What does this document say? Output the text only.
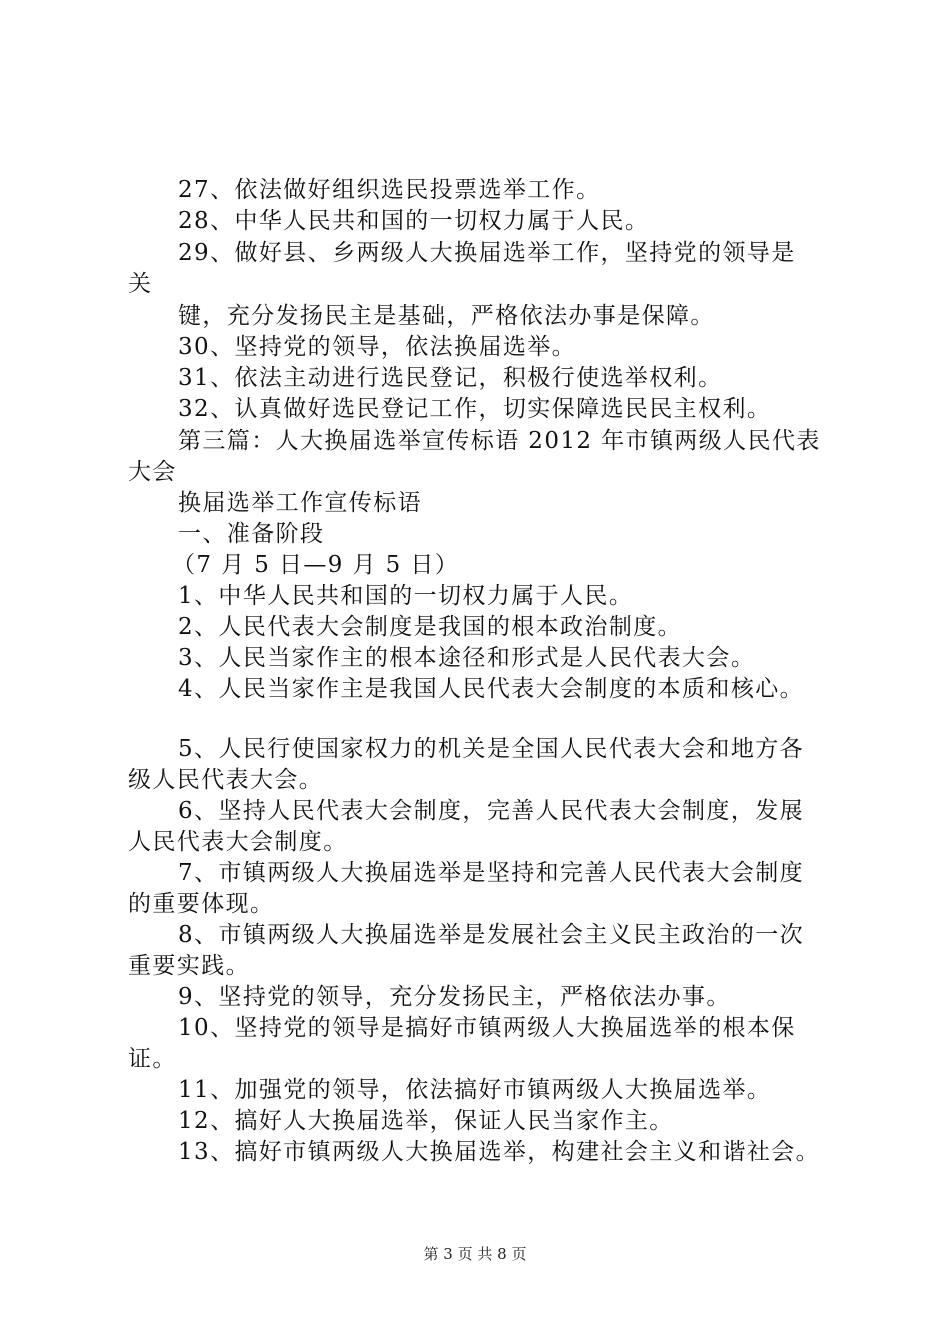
27、依法做好组织选民投票选举工作。
28、中华人民共和国的一切权力属于人民。
29、做好县、乡两级人大换届选举工作，坚持党的领导是
关
键，充分发扬民主是基础，严格依法办事是保障。
30、坚持党的领导，依法换届选举。
31、依法主动进行选民登记，积极行使选举权利。
32、认真做好选民登记工作，切实保障选民民主权利。
第三篇：人大换届选举宣传标语 2012 年市镇两级人民代表
大会
换届选举工作宣传标语
一、准备阶段
（7 月 5 日—9 月 5 日）
1、中华人民共和国的一切权力属于人民。
2、人民代表大会制度是我国的根本政治制度。
3、人民当家作主的根本途径和形式是人民代表大会。
4、人民当家作主是我国人民代表大会制度的本质和核心。
5、人民行使国家权力的机关是全国人民代表大会和地方各
级人民代表大会。
6、坚持人民代表大会制度，完善人民代表大会制度，发展
人民代表大会制度。
7、市镇两级人大换届选举是坚持和完善人民代表大会制度
的重要体现。
8、市镇两级人大换届选举是发展社会主义民主政治的一次
重要实践。
9、坚持党的领导，充分发扬民主，严格依法办事。
10、坚持党的领导是搞好市镇两级人大换届选举的根本保
证。
11、加强党的领导，依法搞好市镇两级人大换届选举。
12、搞好人大换届选举，保证人民当家作主。
13、搞好市镇两级人大换届选举，构建社会主义和谐社会。
第 3 页 共 8 页
